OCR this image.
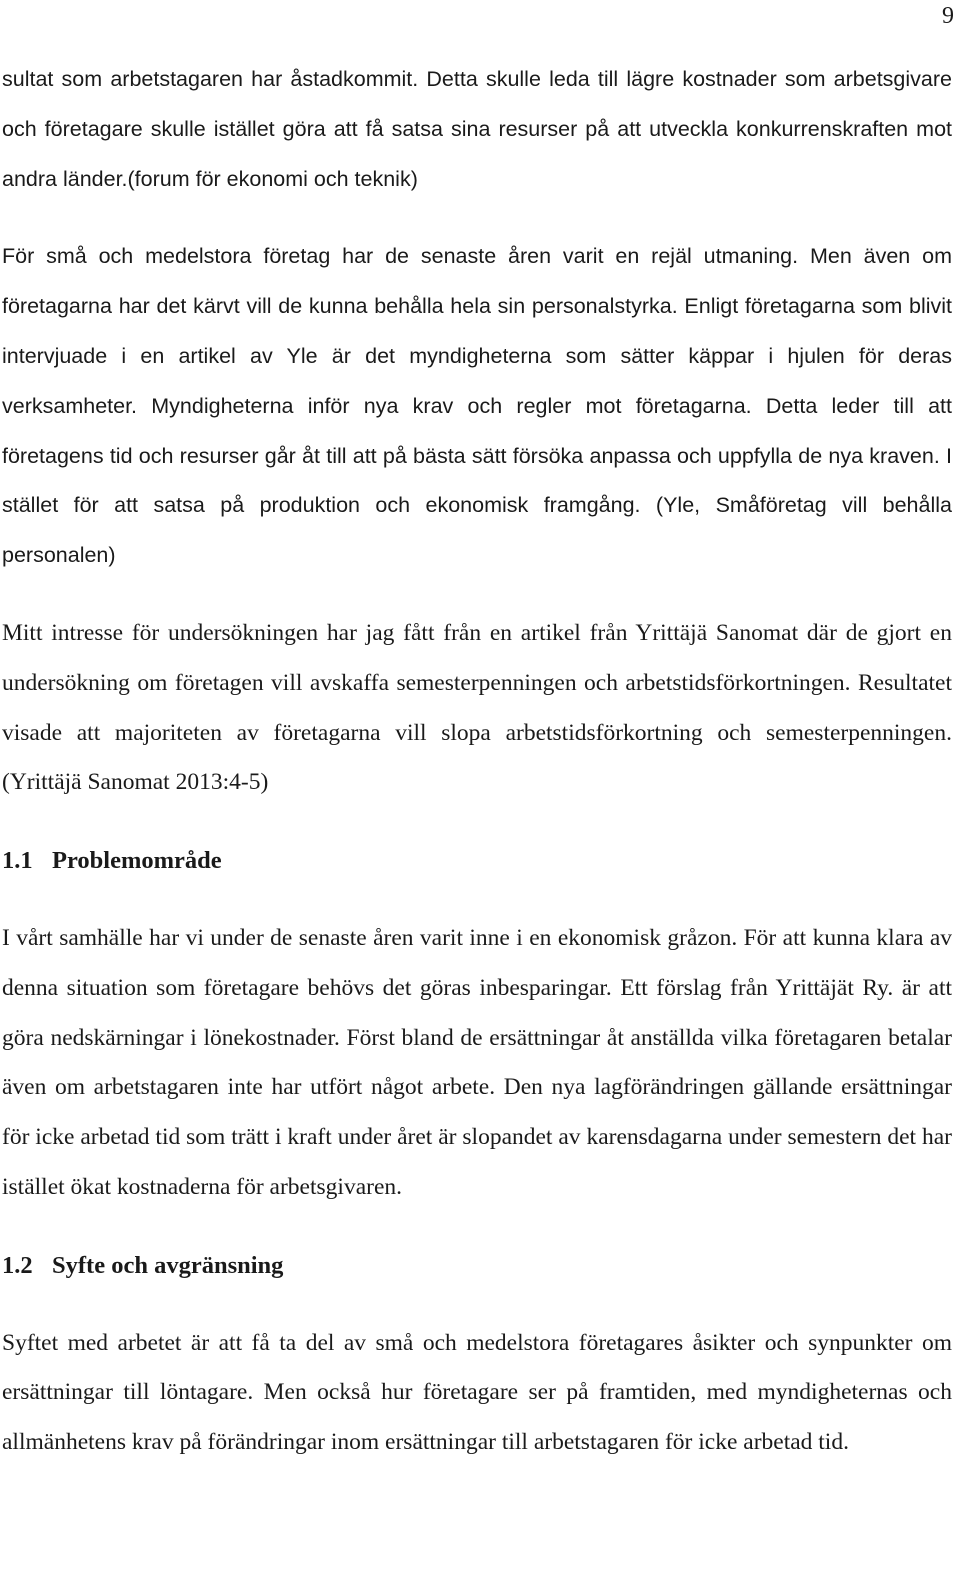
9

sultat som arbetstagaren har åstadkommit. Detta skulle leda till lägre kostnader som arbetsgivare och företagare skulle istället göra att få satsa sina resurser på att utveckla konkurrenskraften mot andra länder.(forum för ekonomi och teknik)

För små och medelstora företag har de senaste åren varit en rejäl utmaning. Men även om företagarna har det kärvt vill de kunna behålla hela sin personalstyrka. Enligt företagarna som blivit intervjuade i en artikel av Yle är det myndigheterna som sätter käppar i hjulen för deras verksamheter. Myndigheterna inför nya krav och regler mot företagarna. Detta leder till att företagens tid och resurser går åt till att på bästa sätt försöka anpassa och uppfylla de nya kraven. I stället för att satsa på produktion och ekonomisk framgång. (Yle, Småföretag vill behålla personalen)

Mitt intresse för undersökningen har jag fått från en artikel från Yrittäjä Sanomat där de gjort en undersökning om företagen vill avskaffa semesterpenningen och arbetstidsförkortningen. Resultatet visade att majoriteten av företagarna vill slopa arbetstidsförkortning och semesterpenningen. (Yrittäjä Sanomat 2013:4-5)

1.1 Problemområde

I vårt samhälle har vi under de senaste åren varit inne i en ekonomisk gråzon. För att kunna klara av denna situation som företagare behövs det göras inbesparingar. Ett förslag från Yrittäjät Ry. är att göra nedskärningar i lönekostnader. Först bland de ersättningar åt anställda vilka företagaren betalar även om arbetstagaren inte har utfört något arbete. Den nya lagförändringen gällande ersättningar för icke arbetad tid som trätt i kraft under året är slopandet av karensdagarna under semestern det har istället ökat kostnaderna för arbetsgivaren.

1.2 Syfte och avgränsning

Syftet med arbetet är att få ta del av små och medelstora företagares åsikter och synpunkter om ersättningar till löntagare. Men också hur företagare ser på framtiden, med myndigheternas och allmänhetens krav på förändringar inom ersättningar till arbetstagaren för icke arbetad tid.
